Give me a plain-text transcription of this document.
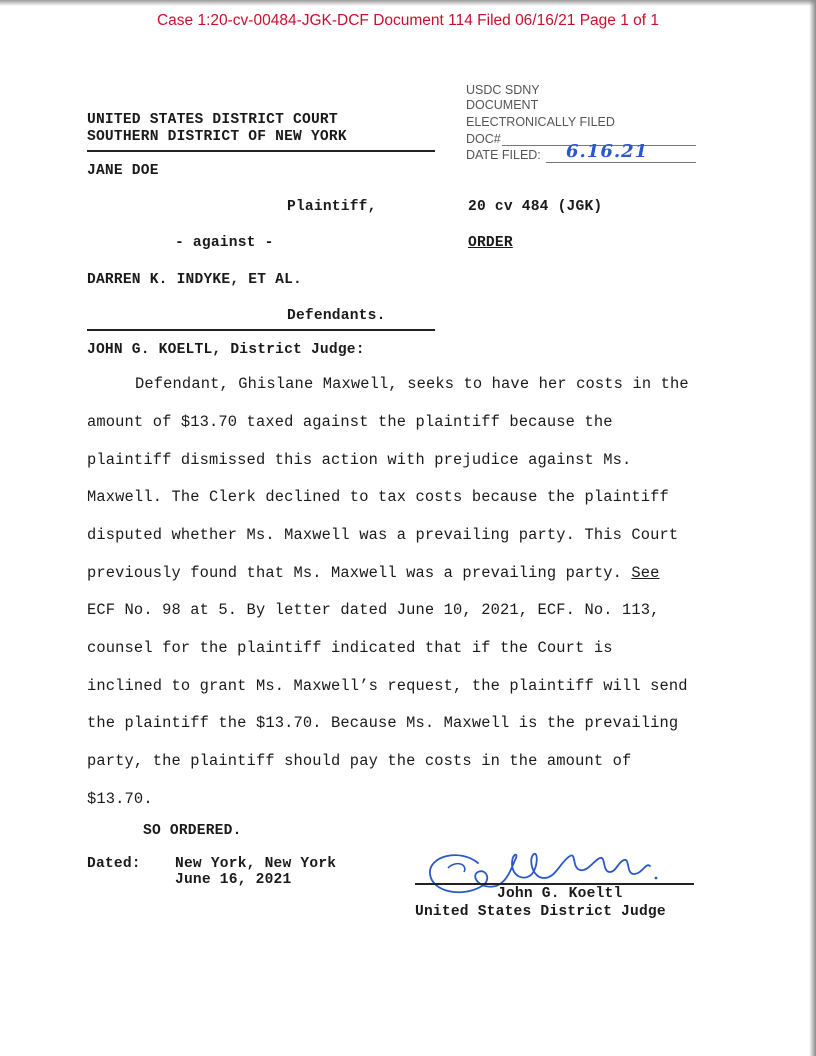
Case 1:20-cv-00484-JGK-DCF Document 114 Filed 06/16/21 Page 1 of 1
UNITED STATES DISTRICT COURT
SOUTHERN DISTRICT OF NEW YORK
USDC SDNY
DOCUMENT
ELECTRONICALLY FILED
DOC#
DATE FILED: 6.16.21
JANE DOE
Plaintiff,	20 cv 484 (JGK)
- against -	ORDER
DARREN K. INDYKE, ET AL.
Defendants.
JOHN G. KOELTL, District Judge:
Defendant, Ghislane Maxwell, seeks to have her costs in the
amount of $13.70 taxed against the plaintiff because the
plaintiff dismissed this action with prejudice against Ms.
Maxwell. The Clerk declined to tax costs because the plaintiff
disputed whether Ms. Maxwell was a prevailing party. This Court
previously found that Ms. Maxwell was a prevailing party. See
ECF No. 98 at 5. By letter dated June 10, 2021, ECF. No. 113,
counsel for the plaintiff indicated that if the Court is
inclined to grant Ms. Maxwell’s request, the plaintiff will send
the plaintiff the $13.70. Because Ms. Maxwell is the prevailing
party, the plaintiff should pay the costs in the amount of
$13.70.
SO ORDERED.
Dated: New York, New York
June 16, 2021
John G. Koeltl
United States District Judge
